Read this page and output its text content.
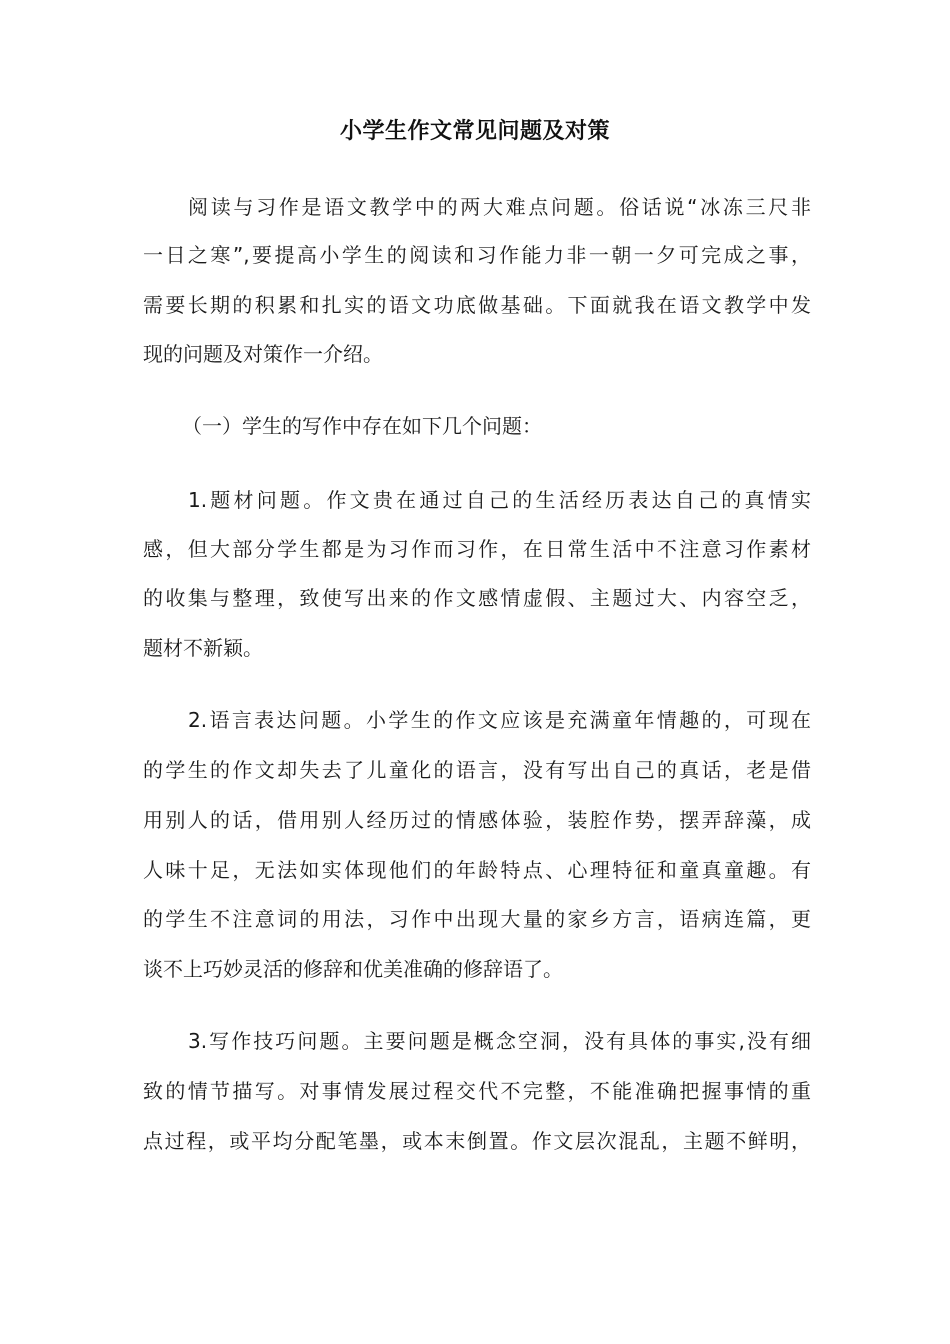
小学生作文常见问题及对策
阅读与习作是语文教学中的两大难点问题。俗话说“冰冻三尺非
一日之寒”,要提高小学生的阅读和习作能力非一朝一夕可完成之事，
需要长期的积累和扎实的语文功底做基础。下面就我在语文教学中发
现的问题及对策作一介绍。
（一）学生的写作中存在如下几个问题：
1.题材问题。作文贵在通过自己的生活经历表达自己的真情实
感，但大部分学生都是为习作而习作，在日常生活中不注意习作素材
的收集与整理，致使写出来的作文感情虚假、主题过大、内容空乏，
题材不新颖。
2.语言表达问题。小学生的作文应该是充满童年情趣的，可现在
的学生的作文却失去了儿童化的语言，没有写出自己的真话，老是借
用别人的话，借用别人经历过的情感体验，装腔作势，摆弄辞藻，成
人味十足，无法如实体现他们的年龄特点、心理特征和童真童趣。有
的学生不注意词的用法，习作中出现大量的家乡方言，语病连篇，更
谈不上巧妙灵活的修辞和优美准确的修辞语了。
3.写作技巧问题。主要问题是概念空洞，没有具体的事实,没有细
致的情节描写。对事情发展过程交代不完整，不能准确把握事情的重
点过程，或平均分配笔墨，或本末倒置。作文层次混乱，主题不鲜明，
